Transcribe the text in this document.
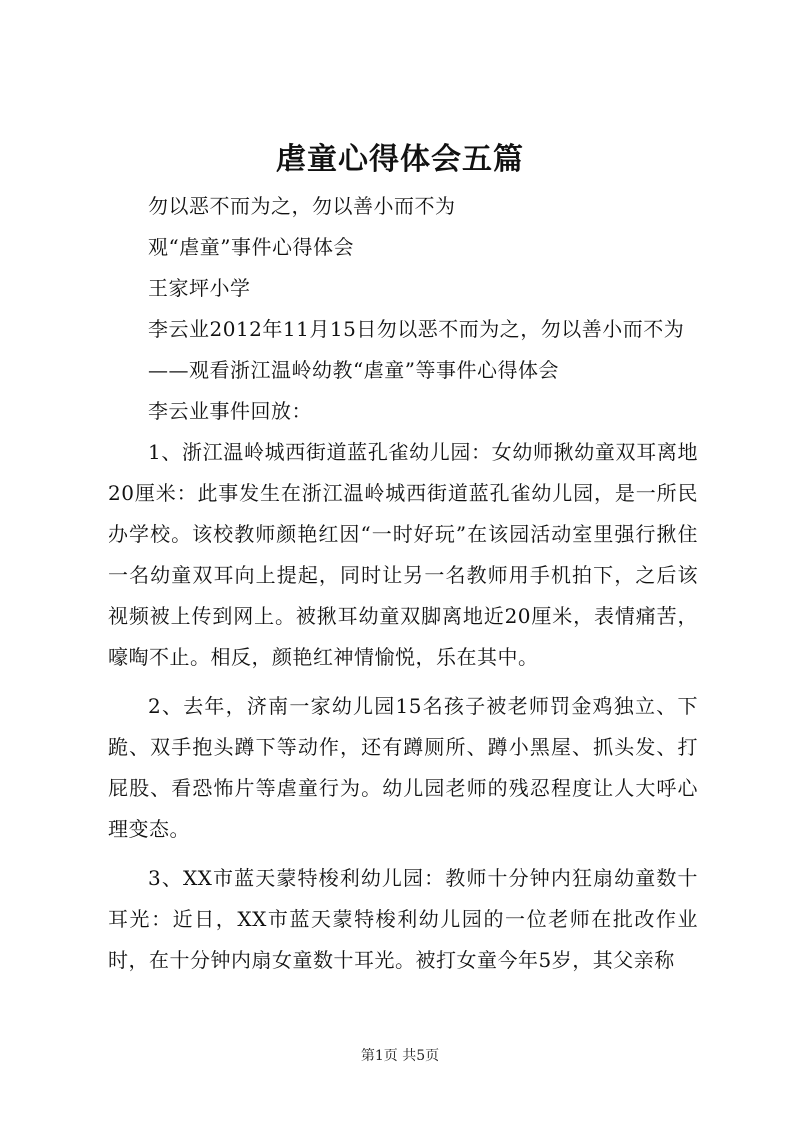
虐童心得体会五篇

勿以恶不而为之，勿以善小而不为

观“虐童”事件心得体会

王家坪小学

李云业2012年11月15日勿以恶不而为之，勿以善小而不为

——观看浙江温岭幼教“虐童”等事件心得体会

李云业事件回放：

1、浙江温岭城西街道蓝孔雀幼儿园：女幼师揪幼童双耳离地20厘米：此事发生在浙江温岭城西街道蓝孔雀幼儿园，是一所民办学校。该校教师颜艳红因“一时好玩”在该园活动室里强行揪住一名幼童双耳向上提起，同时让另一名教师用手机拍下，之后该视频被上传到网上。被揪耳幼童双脚离地近20厘米，表情痛苦，嚎啕不止。相反，颜艳红神情愉悦，乐在其中。

2、去年，济南一家幼儿园15名孩子被老师罚金鸡独立、下跪、双手抱头蹲下等动作，还有蹲厕所、蹲小黑屋、抓头发、打屁股、看恐怖片等虐童行为。幼儿园老师的残忍程度让人大呼心理变态。

3、XX市蓝天蒙特梭利幼儿园：教师十分钟内狂扇幼童数十耳光：近日，XX市蓝天蒙特梭利幼儿园的一位老师在批改作业时，在十分钟内扇女童数十耳光。被打女童今年5岁，其父亲称

第1页 共5页
